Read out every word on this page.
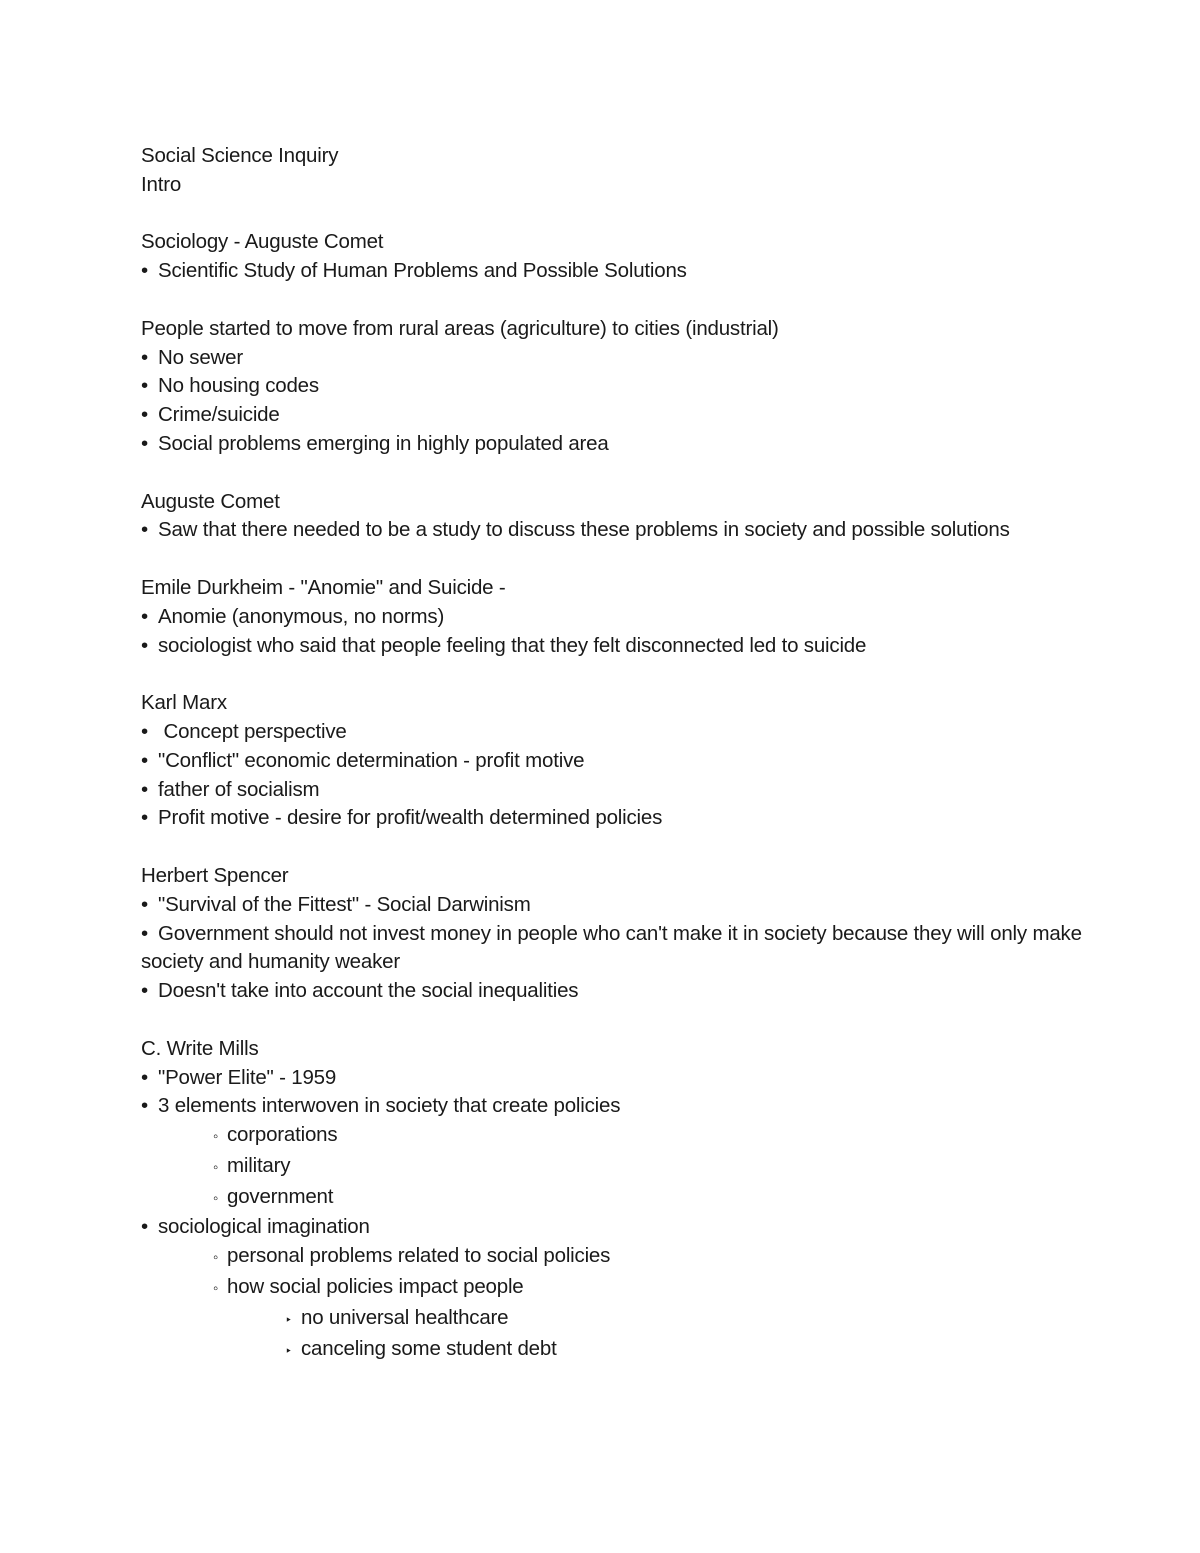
Social Science Inquiry
Intro
Sociology - Auguste Comet
• Scientific Study of Human Problems and Possible Solutions
People started to move from rural areas (agriculture) to cities (industrial)
• No sewer
• No housing codes
• Crime/suicide
• Social problems emerging in highly populated area
Auguste Comet
• Saw that there needed to be a study to discuss these problems in society and possible solutions
Emile Durkheim - "Anomie" and Suicide -
• Anomie (anonymous, no norms)
• sociologist who said that people feeling that they felt disconnected led to suicide
Karl Marx
• Concept perspective
• "Conflict" economic determination - profit motive
• father of socialism
• Profit motive - desire for profit/wealth determined policies
Herbert Spencer
• "Survival of the Fittest" - Social Darwinism
• Government should not invest money in people who can't make it in society because they will only make society and humanity weaker
• Doesn't take into account the social inequalities
C. Write Mills
• "Power Elite" - 1959
• 3 elements interwoven in society that create policies
◦ corporations
◦ military
◦ government
• sociological imagination
◦ personal problems related to social policies
◦ how social policies impact people
‣ no universal healthcare
‣ canceling some student debt
